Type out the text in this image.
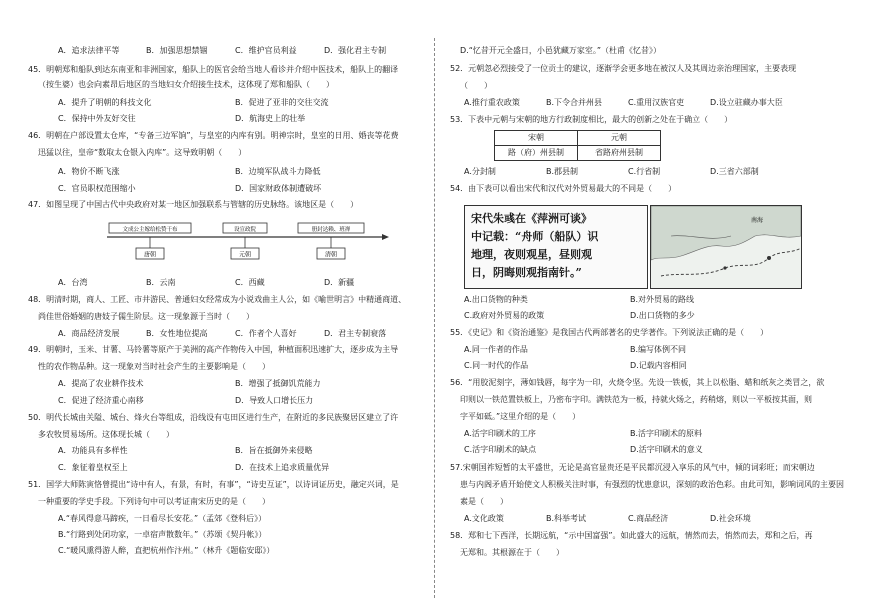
A．追求法律平等	B．加强思想禁锢	C．维护官员利益	D．强化君主专制
45．明朝郑和船队到达东南亚和非洲国家，船队上的医官会给当地人看诊并介绍中医技术，船队上的翻译
（按生婆）也会向素昂后地区的当地妇女介绍接生技术，这体现了郑和船队（　　）
A．提升了明朝的科技文化	B．促进了亚非的交往交流
C．保持中外友好交往	D．航海史上的壮举
46．明朝在户部设置太仓库，“专备三边军饷”，与皇室的内库有别。明神宗时，皇室的日用、婚丧等花费
迅猛以往，皇帝“数取太仓银入内库”。这导致明朝（　　）
A．物价不断飞涨	B．边境军队战斗力降低
C．官员职权范围缩小	D．国家财政体制遭破坏
47．如图呈现了中国古代中央政府对某一地区加强联系与管辖的历史脉络。该地区是（　　）
文成公主嫁给松赞干布	设宣政院	册封达赖、班禅
唐朝	元朝	清朝
A．台湾	B．云南	C．西藏	D．新疆
48．明清时期，商人、工匠、市井游民、普通妇女经常成为小说戏曲主人公，如《喻世明言》中精通商道、
尚佳世俗婚姻的唐妓子儒生阶层。这一现象源于当时（　　）
A．商品经济发展	B．女性地位提高	C．作者个人喜好	D．君主专制衰落
49．明朝时，玉米、甘薯、马铃薯等原产于美洲的高产作物传入中国，种植面积迅速扩大，逐步成为主导
性的农作物品种。这一现象对当时社会产生的主要影响是（　　）
A．提高了农业耕作技术	B．增强了抵御饥荒能力
C．促进了经济重心南移	D．导致人口增长压力
50．明代长城由关隘、城台、烽火台等组成，沿线设有屯田区进行生产，在附近的多民族聚居区建立了许
多农牧贸易场所。这体现长城（　　）
A．功能具有多样性	B．旨在抵御外来侵略
C．象征着皇权至上	D．在技术上追求质量优异
51．国学大师陈寅恪曾提出“诗中有人，有景，有时，有事”，“诗史互证”，以诗词证历史，融定兴词，是
一种重要的学史手段。下列诗句中可以考证南宋历史的是（　　）
A.“春风得意马蹄疾，一日看尽长安花。”（孟郊《登科后》）
B.“行路到处闭功家，一卓宿声散数年。”（苏颂《契丹帐》）
C.“暖风熏得游人醉，直把杭州作汴州。”（林升《题临安邸》）
D.“忆昔开元全盛日，小邑犹藏万家室。”（杜甫《忆昔》）
52．元朝忽必烈接受了一位贡士的建议，逐渐学会更多地在被汉人及其周边亲治理国家，主要表现
（　　）
A.推行重农政策	B.下令合并州县	C.重用汉族官吏	D.设立驻藏办事大臣
53．下表中元朝与宋朝的地方行政制度相比，最大的创新之处在于确立（　　）
宋朝	元朝
路（府）州县制	省路府州县制
A.分封制	B.郡县制	C.行省制	D.三省六部制
54．由下表可以看出宋代和汉代对外贸易最大的不同是（　　）
宋代朱彧在《萍洲可谈》
中记载：“舟师（船队）识
地理，夜则观星，昼则观
日，阴晦则观指南针。”
南海
A.出口货物的种类	B.对外贸易的路线
C.政府对外贸易的政策	D.出口货物的多少
55．《史记》和《资治通鉴》是我国古代两部著名的史学著作。下列说法正确的是（　　）
A.同一作者的作品	B.编写体例不同
C.同一时代的作品	D.记载内容相同
56．“用胶泥刻字，薄如钱唇，每字为一印，火烧令坚。先设一铁板，其上以松脂、蜡和纸灰之类冒之，欲
印则以一铁范置铁板上，乃密布字印。满铁范为一板，持就火炀之，药稍熔，则以一平板按其面，则
字平如砥。”这里介绍的是（　　）
A.活字印刷术的工序	B.活字印刷术的原料
C.活字印刷术的缺点	D.活字印刷术的意义
57.宋朝国祚短暂的太平盛世，无论是高官显贵还是平民都沉浸入享乐的风气中，倾的词彩旺；而宋朝边
患与内阁矛盾开始使文人积极关注时事，有强烈的忧患意识，深刻的政治色彩。由此可知，影响词风的主要因
素是（　　）
A.文化政策	B.科举考试	C.商品经济	D.社会环境
58．郑和七下西洋，长期远航，“示中国富强”。如此盛大的远航，情然而去，悄然而去，郑和之后，再
无郑和。其根源在于（　　）
